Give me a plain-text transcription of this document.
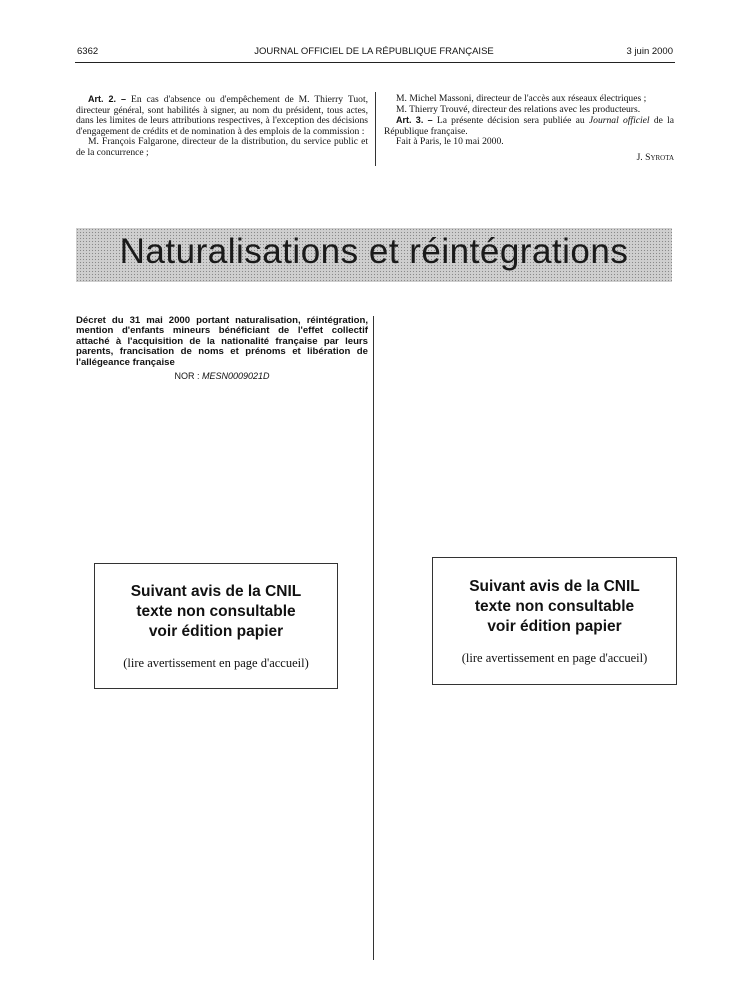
6362	JOURNAL OFFICIEL DE LA RÉPUBLIQUE FRANÇAISE	3 juin 2000

Art. 2. – En cas d'absence ou d'empêchement de M. Thierry Tuot, directeur général, sont habilités à signer, au nom du président, tous actes, dans les limites de leurs attributions respectives, à l'exception des décisions d'engagement de crédits et de nomination à des emplois de la commission :

M. François Falgarone, directeur de la distribution, du service public et de la concurrence ;

M. Michel Massoni, directeur de l'accès aux réseaux électriques ;

M. Thierry Trouvé, directeur des relations avec les producteurs.

Art. 3. – La présente décision sera publiée au Journal officiel de la République française.

Fait à Paris, le 10 mai 2000.

J. Syrota

Naturalisations et réintégrations
Décret du 31 mai 2000 portant naturalisation, réintégration, mention d'enfants mineurs bénéficiant de l'effet collectif attaché à l'acquisition de la nationalité française par leurs parents, francisation de noms et prénoms et libération de l'allégeance française
NOR : MESN0009021D
Suivant avis de la CNIL
texte non consultable
voir édition papier
(lire avertissement en page d'accueil)
Suivant avis de la CNIL
texte non consultable
voir édition papier
(lire avertissement en page d'accueil)
